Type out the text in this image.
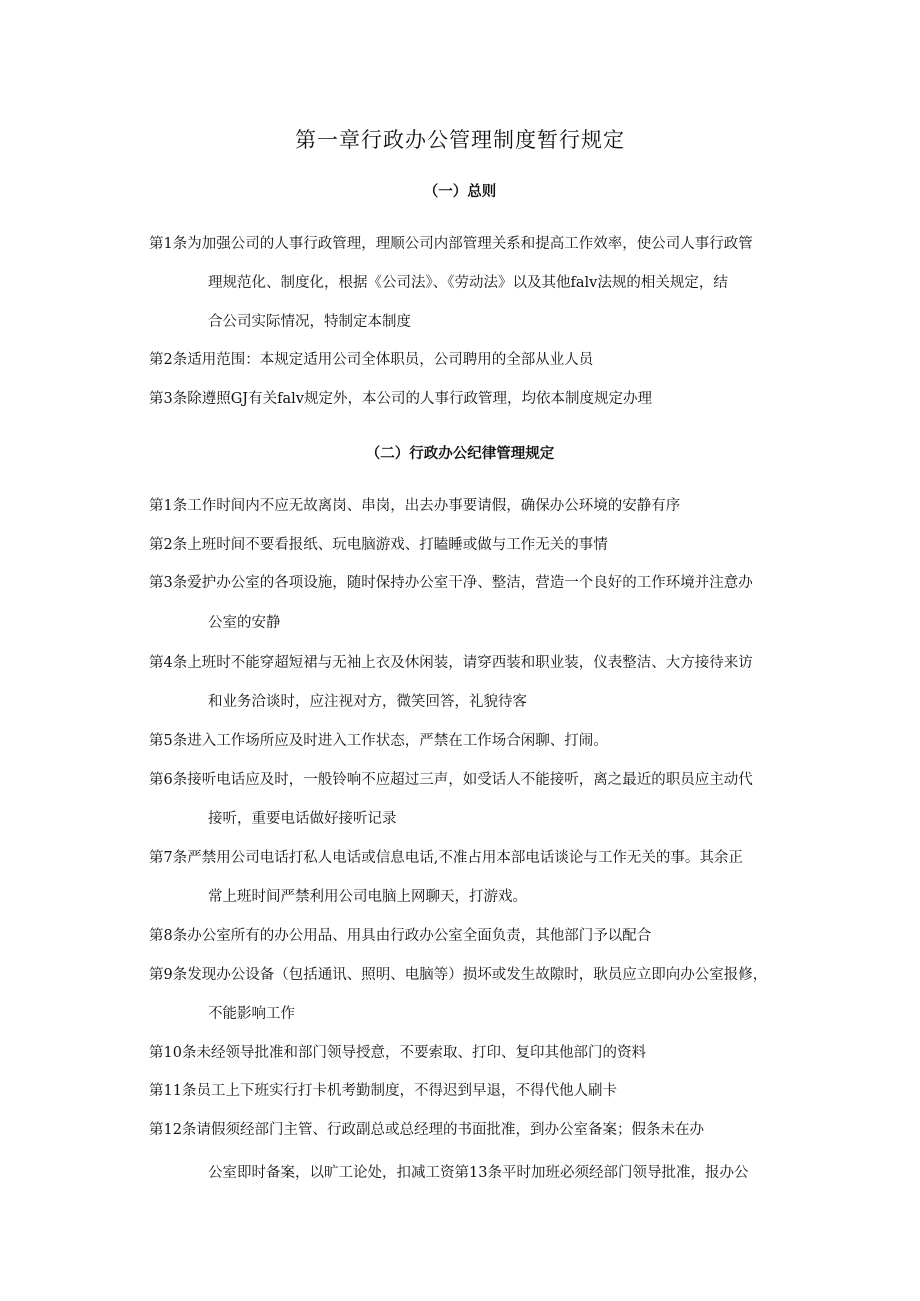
第一章行政办公管理制度暂行规定
（一）总则

第1条为加强公司的人事行政管理，理顺公司内部管理关系和提高工作效率，使公司人事行政管

理规范化、制度化，根据《公司法》、《劳动法》以及其他falv法规的相关规定，结

合公司实际情况，特制定本制度

第2条适用范围：本规定适用公司全体职员，公司聘用的全部从业人员

第3条除遵照GJ有关falv规定外，本公司的人事行政管理，均依本制度规定办理

（二）行政办公纪律管理规定

第1条工作时间内不应无故离岗、串岗，出去办事要请假，确保办公环境的安静有序

第2条上班时间不要看报纸、玩电脑游戏、打瞌睡或做与工作无关的事情

第3条爱护办公室的各项设施，随时保持办公室干净、整洁，营造一个良好的工作环境并注意办

公室的安静

第4条上班时不能穿超短裙与无袖上衣及休闲装，请穿西装和职业装，仪表整洁、大方接待来访

和业务洽谈时，应注视对方，微笑回答，礼貌待客

第5条进入工作场所应及时进入工作状态，严禁在工作场合闲聊、打闹。

第6条接听电话应及时，一般铃响不应超过三声，如受话人不能接听，离之最近的职员应主动代

接听，重要电话做好接听记录

第7条严禁用公司电话打私人电话或信息电话,不准占用本部电话谈论与工作无关的事。其余正

常上班时间严禁利用公司电脑上网聊天，打游戏。

第8条办公室所有的办公用品、用具由行政办公室全面负责，其他部门予以配合

第9条发现办公设备（包括通讯、照明、电脑等）损坏或发生故隙时，耿员应立即向办公室报修，

不能影响工作

第10条未经领导批准和部门领导授意，不要索取、打印、复印其他部门的资料

第11条员工上下班实行打卡机考勤制度，不得迟到早退，不得代他人刷卡

第12条请假须经部门主管、行政副总或总经理的书面批准，到办公室备案；假条未在办

公室即时备案，以旷工论处，扣减工资第13条平时加班必须经部门领导批准，报办公
